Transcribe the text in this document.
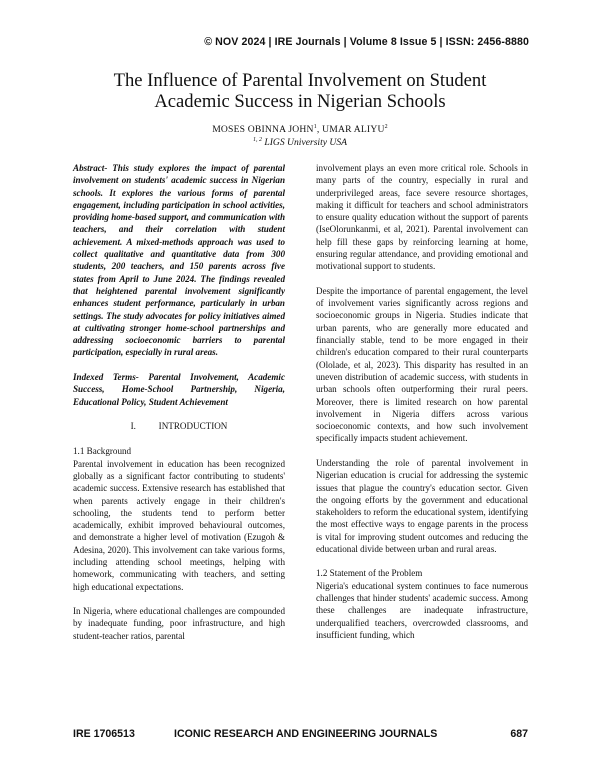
© NOV 2024 | IRE Journals | Volume 8 Issue 5 | ISSN: 2456-8880
The Influence of Parental Involvement on Student
Academic Success in Nigerian Schools
MOSES OBINNA JOHN$^1$, UMAR ALIYU$^2$
$^{1, 2}$ LIGS University USA

Abstract- This study explores the impact of parental involvement on students' academic success in Nigerian schools. It explores the various forms of parental engagement, including participation in school activities, providing home-based support, and communication with teachers, and their correlation with student achievement. A mixed-methods approach was used to collect qualitative and quantitative data from 300 students, 200 teachers, and 150 parents across five states from April to June 2024. The findings revealed that heightened parental involvement significantly enhances student performance, particularly in urban settings. The study advocates for policy initiatives aimed at cultivating stronger home-school partnerships and addressing socioeconomic barriers to parental participation, especially in rural areas.

Indexed Terms- Parental Involvement, Academic Success, Home-School Partnership, Nigeria, Educational Policy, Student Achievement

I. INTRODUCTION
1.1 Background

Parental involvement in education has been recognized globally as a significant factor contributing to students' academic success. Extensive research has established that when parents actively engage in their children's schooling, the students tend to perform better academically, exhibit improved behavioural outcomes, and demonstrate a higher level of motivation (Ezugoh & Adesina, 2020). This involvement can take various forms, including attending school meetings, helping with homework, communicating with teachers, and setting high educational expectations.

In Nigeria, where educational challenges are compounded by inadequate funding, poor infrastructure, and high student-teacher ratios, parental

involvement plays an even more critical role. Schools in many parts of the country, especially in rural and underprivileged areas, face severe resource shortages, making it difficult for teachers and school administrators to ensure quality education without the support of parents (IseOlorunkanmi, et al, 2021). Parental involvement can help fill these gaps by reinforcing learning at home, ensuring regular attendance, and providing emotional and motivational support to students.

Despite the importance of parental engagement, the level of involvement varies significantly across regions and socioeconomic groups in Nigeria. Studies indicate that urban parents, who are generally more educated and financially stable, tend to be more engaged in their children's education compared to their rural counterparts (Ololade, et al, 2023). This disparity has resulted in an uneven distribution of academic success, with students in urban schools often outperforming their rural peers. Moreover, there is limited research on how parental involvement in Nigeria differs across various socioeconomic contexts, and how such involvement specifically impacts student achievement.

Understanding the role of parental involvement in Nigerian education is crucial for addressing the systemic issues that plague the country's education sector. Given the ongoing efforts by the government and educational stakeholders to reform the educational system, identifying the most effective ways to engage parents in the process is vital for improving student outcomes and reducing the educational divide between urban and rural areas.

1.2 Statement of the Problem

Nigeria's educational system continues to face numerous challenges that hinder students' academic success. Among these challenges are inadequate infrastructure, underqualified teachers, overcrowded classrooms, and insufficient funding, which

IRE 1706513	ICONIC RESEARCH AND ENGINEERING JOURNALS	687
